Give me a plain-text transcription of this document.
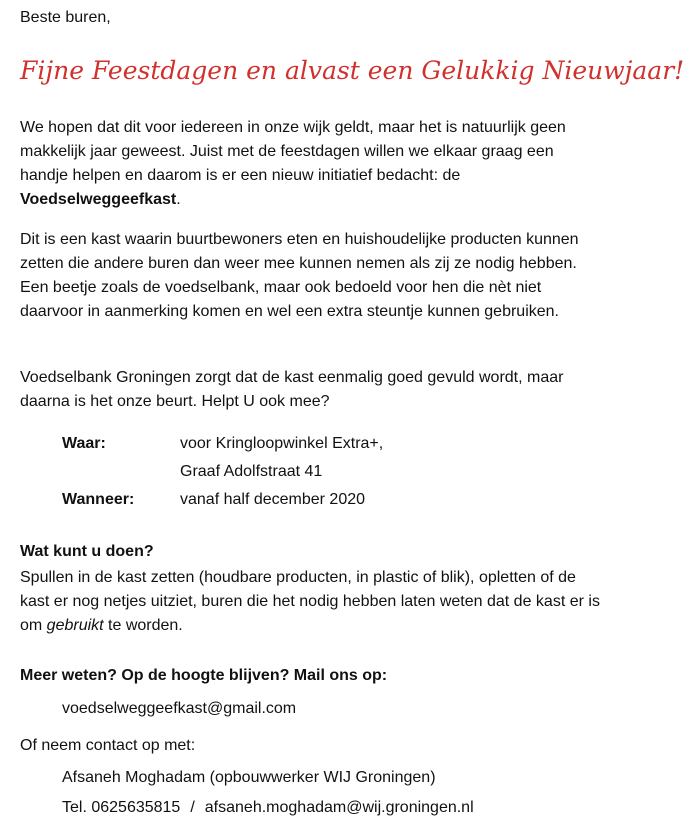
Beste buren,
Fijne Feestdagen en alvast een Gelukkig Nieuwjaar!

We hopen dat dit voor iedereen in onze wijk geldt, maar het is natuurlijk geen makkelijk jaar geweest. Juist met de feestdagen willen we elkaar graag een handje helpen en daarom is er een nieuw initiatief bedacht: de Voedselweggeefkast.

Dit is een kast waarin buurtbewoners eten en huishoudelijke producten kunnen zetten die andere buren dan weer mee kunnen nemen als zij ze nodig hebben. Een beetje zoals de voedselbank, maar ook bedoeld voor hen die nèt niet daarvoor in aanmerking komen en wel een extra steuntje kunnen gebruiken.

Voedselbank Groningen zorgt dat de kast eenmalig goed gevuld wordt, maar daarna is het onze beurt. Helpt U ook mee?

Waar:	voor Kringloopwinkel Extra+,
Graaf Adolfstraat 41
Wanneer:	vanaf half december 2020
Wat kunt u doen?

Spullen in de kast zetten (houdbare producten, in plastic of blik), opletten of de kast er nog netjes uitziet, buren die het nodig hebben laten weten dat de kast er is om gebruikt te worden.

Meer weten? Op de hoogte blijven? Mail ons op:
voedselweggeefkast@gmail.com
Of neem contact op met:
Afsaneh Moghadam (opbouwwerker WIJ Groningen)
Tel. 0625635815 / afsaneh.moghadam@wij.groningen.nl
